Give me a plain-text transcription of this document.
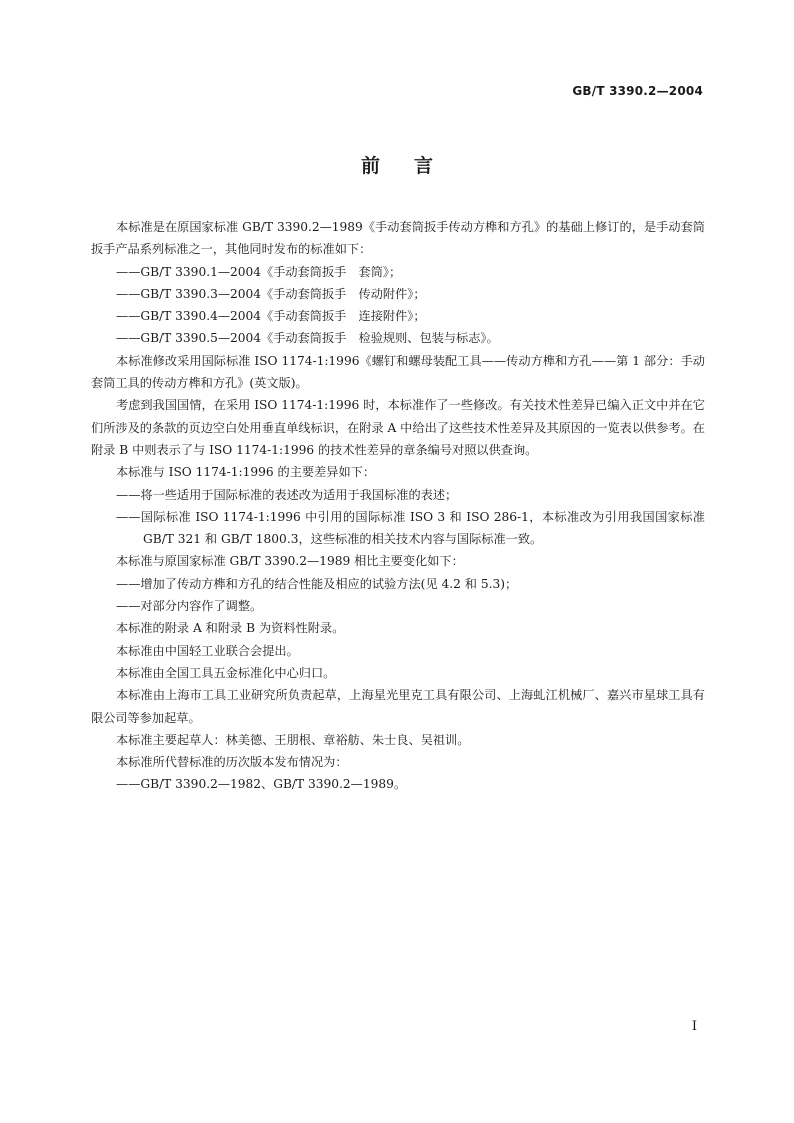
GB/T 3390.2—2004
前言

本标准是在原国家标准 GB/T 3390.2—1989《手动套筒扳手传动方榫和方孔》的基础上修订的，是手动套筒扳手产品系列标准之一，其他同时发布的标准如下：

——GB/T 3390.1—2004《手动套筒扳手　套筒》；

——GB/T 3390.3—2004《手动套筒扳手　传动附件》；

——GB/T 3390.4—2004《手动套筒扳手　连接附件》；

——GB/T 3390.5—2004《手动套筒扳手　检验规则、包装与标志》。

本标准修改采用国际标准 ISO 1174-1:1996《螺钉和螺母装配工具——传动方榫和方孔——第 1 部分：手动套筒工具的传动方榫和方孔》(英文版)。

考虑到我国国情，在采用 ISO 1174-1:1996 时，本标准作了一些修改。有关技术性差异已编入正文中并在它们所涉及的条款的页边空白处用垂直单线标识，在附录 A 中给出了这些技术性差异及其原因的一览表以供参考。在附录 B 中则表示了与 ISO 1174-1:1996 的技术性差异的章条编号对照以供查询。

本标准与 ISO 1174-1:1996 的主要差异如下：

——将一些适用于国际标准的表述改为适用于我国标准的表述；

——国际标准 ISO 1174-1:1996 中引用的国际标准 ISO 3 和 ISO 286-1，本标准改为引用我国国家标准 GB/T 321 和 GB/T 1800.3，这些标准的相关技术内容与国际标准一致。

本标准与原国家标准 GB/T 3390.2—1989 相比主要变化如下：

——增加了传动方榫和方孔的结合性能及相应的试验方法(见 4.2 和 5.3)；

——对部分内容作了调整。

本标准的附录 A 和附录 B 为资料性附录。

本标准由中国轻工业联合会提出。

本标准由全国工具五金标准化中心归口。

本标准由上海市工具工业研究所负责起草，上海星光里克工具有限公司、上海虬江机械厂、嘉兴市星球工具有限公司等参加起草。

本标准主要起草人：林美德、王朋根、章裕舫、朱士良、吴祖训。

本标准所代替标准的历次版本发布情况为：

——GB/T 3390.2—1982、GB/T 3390.2—1989。

I
